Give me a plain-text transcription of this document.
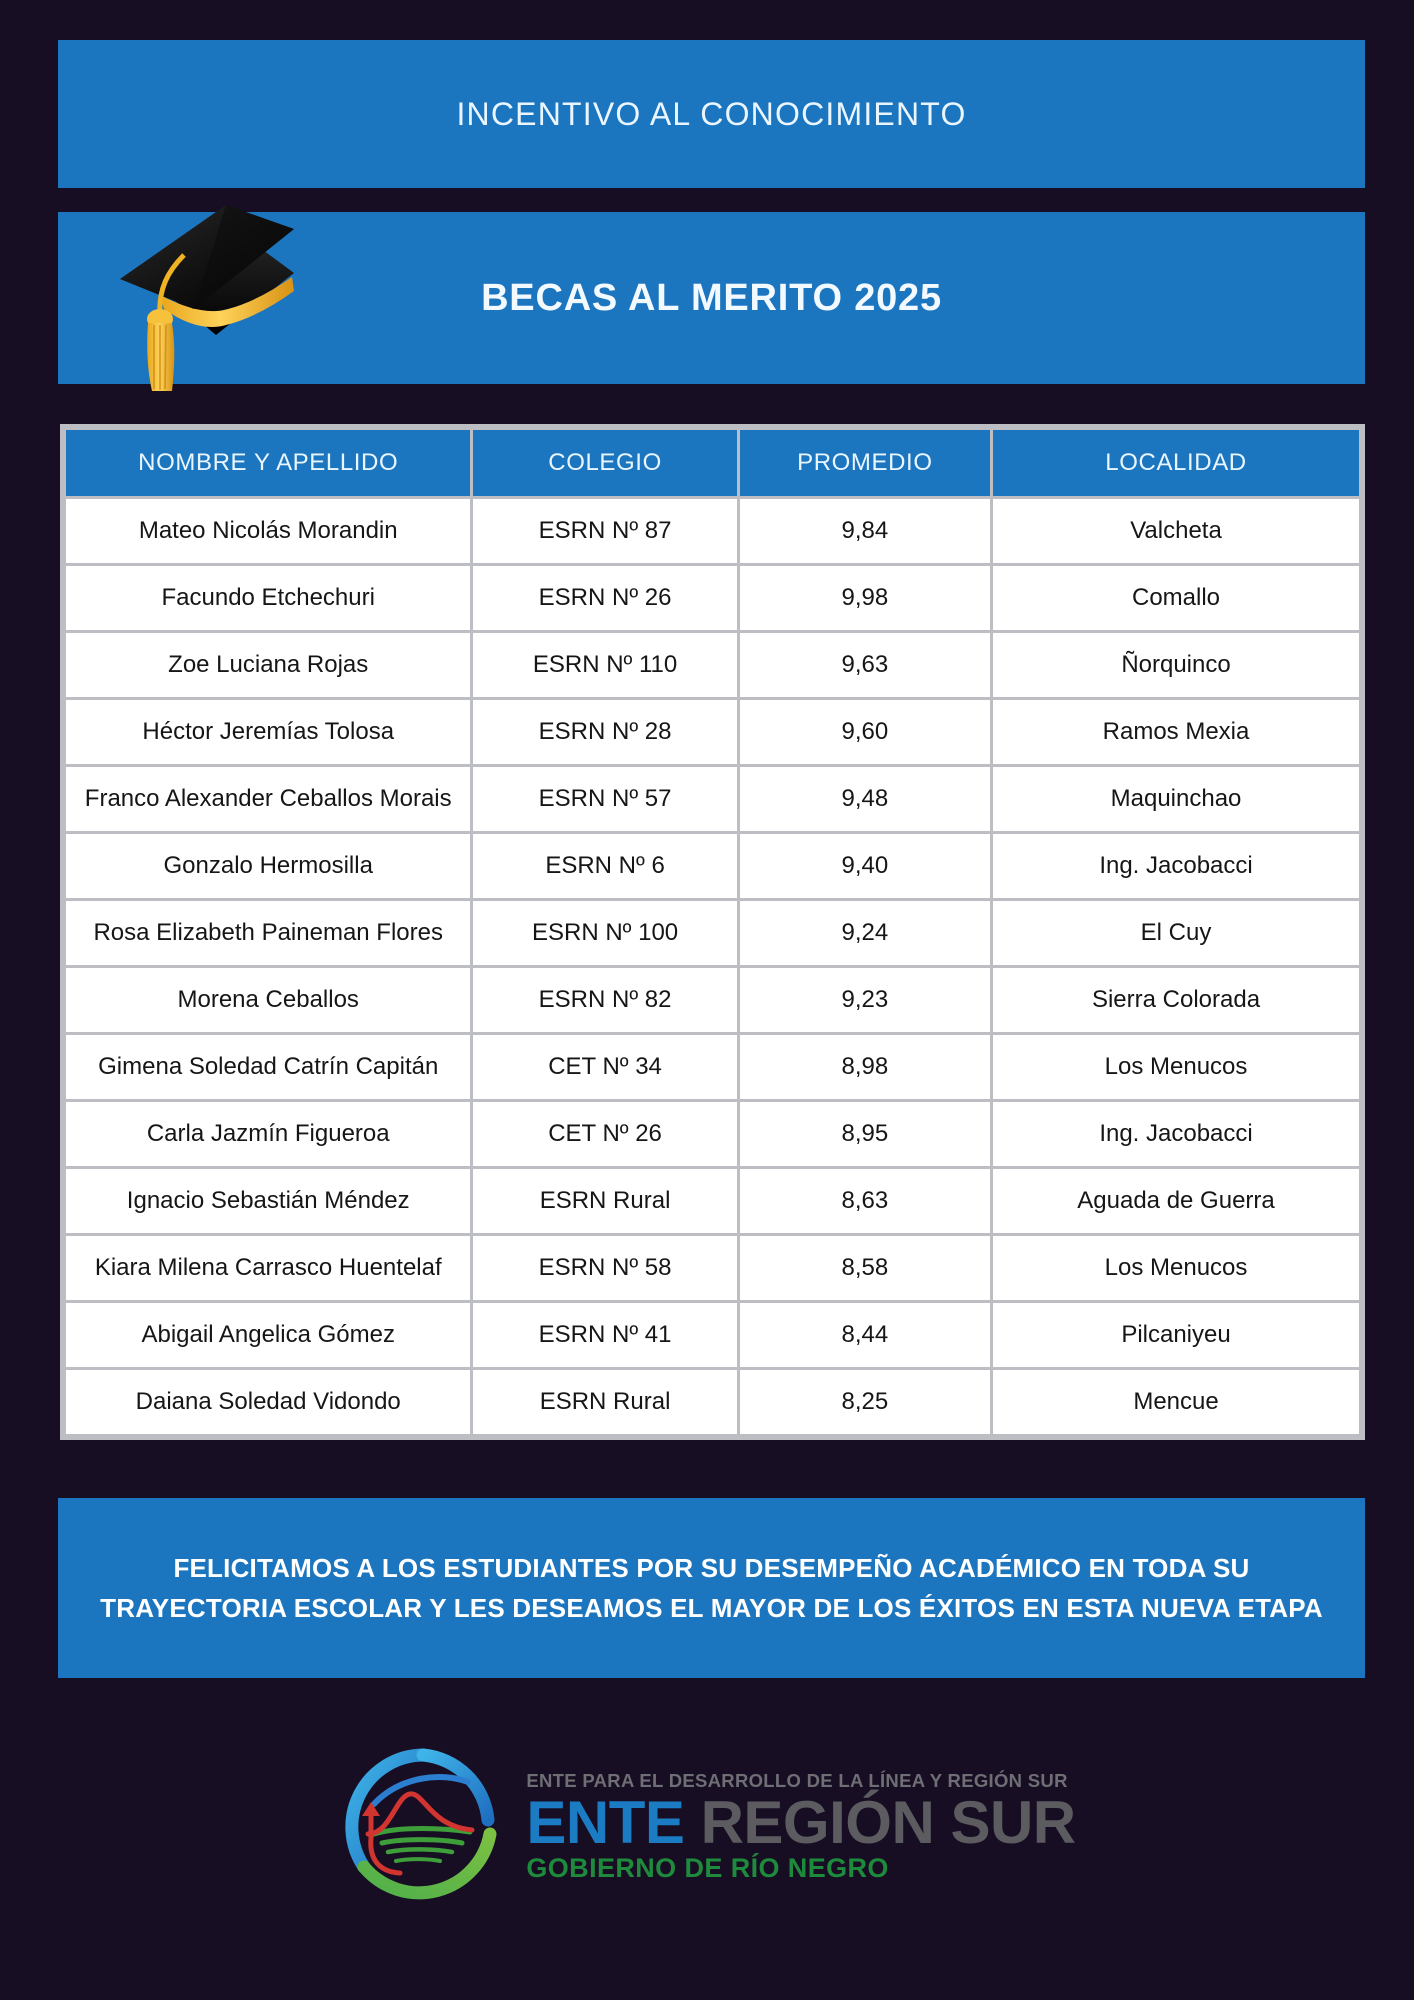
INCENTIVO AL CONOCIMIENTO
BECAS AL MERITO 2025
NOMBRE Y APELLIDO	COLEGIO	PROMEDIO	LOCALIDAD
Mateo Nicolás Morandin	ESRN Nº 87	9,84	Valcheta
Facundo Etchechuri	ESRN Nº 26	9,98	Comallo
Zoe Luciana Rojas	ESRN Nº 110	9,63	Ñorquinco
Héctor Jeremías Tolosa	ESRN Nº 28	9,60	Ramos Mexia
Franco Alexander Ceballos Morais	ESRN Nº 57	9,48	Maquinchao
Gonzalo Hermosilla	ESRN Nº 6	9,40	Ing. Jacobacci
Rosa Elizabeth Paineman Flores	ESRN Nº 100	9,24	El Cuy
Morena Ceballos	ESRN Nº 82	9,23	Sierra Colorada
Gimena Soledad Catrín Capitán	CET Nº 34	8,98	Los Menucos
Carla Jazmín Figueroa	CET Nº 26	8,95	Ing. Jacobacci
Ignacio Sebastián Méndez	ESRN Rural	8,63	Aguada de Guerra
Kiara Milena Carrasco Huentelaf	ESRN Nº 58	8,58	Los Menucos
Abigail Angelica Gómez	ESRN Nº 41	8,44	Pilcaniyeu
Daiana Soledad Vidondo	ESRN Rural	8,25	Mencue
FELICITAMOS A LOS ESTUDIANTES POR SU DESEMPEÑO ACADÉMICO EN TODA SU TRAYECTORIA ESCOLAR Y LES DESEAMOS EL MAYOR DE LOS ÉXITOS EN ESTA NUEVA ETAPA
ENTE PARA EL DESARROLLO DE LA LÍNEA Y REGIÓN SUR
ENTE REGIÓN SUR
GOBIERNO DE RÍO NEGRO
